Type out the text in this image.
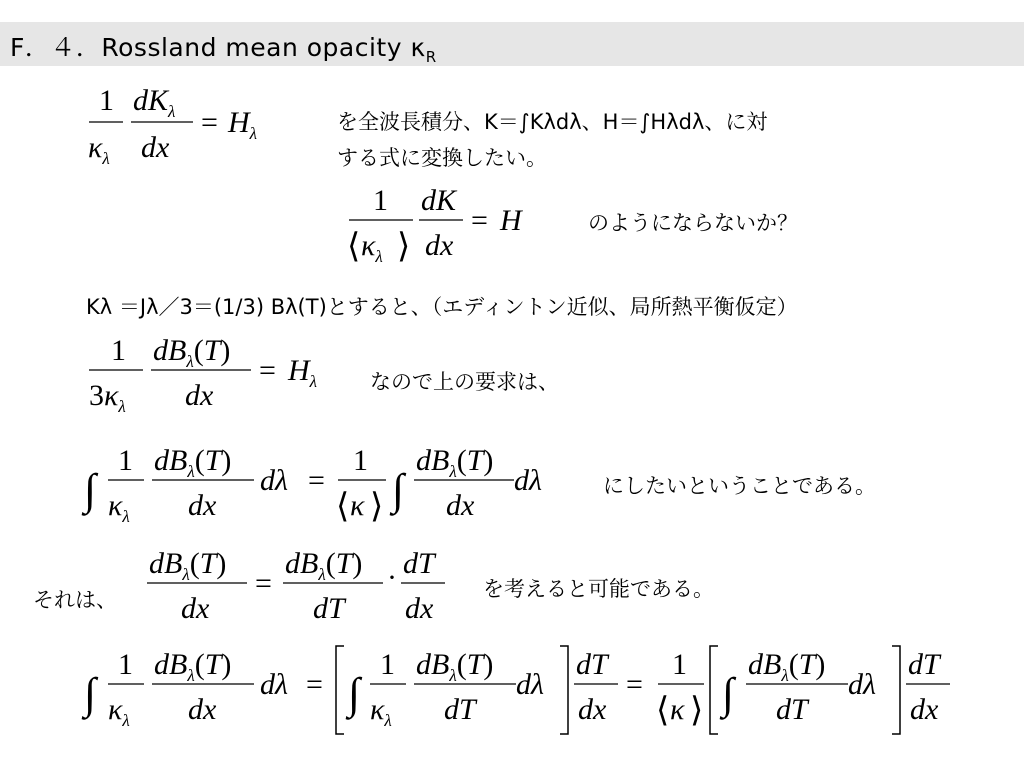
F．４．Rossland mean opacity $\kappa_R$
1
$\kappa_\lambda$
$dK_\lambda$
dx
= $H_\lambda$	を全波長積分、K＝∫Kλdλ、H＝∫Hλdλ、に対
する式に変換したい。
1
⟨ $\kappa_\lambda$ ⟩
dK
dx
= H	のようにならないか？
Kλ ＝Jλ／3＝(1/3) Bλ(T)とすると、（エディントン近似、局所熱平衡仮定）
1
$3\kappa_\lambda$
$dB_\lambda(T)$
dx
= $H_\lambda$	なので上の要求は、
∫
1
$\kappa_\lambda$
$dB_\lambda(T)$
dx
dλ =
1
⟨ κ ⟩ ∫
$dB_\lambda(T)$
dx
dλ	にしたいということである。
それは、
$dB_\lambda(T)$
dx
=
$dB_\lambda(T)$
dT
· dT
dx
を考えると可能である。
∫
1
$\kappa_\lambda$
$dB_\lambda(T)$
dx
dλ = ∫
1
$\kappa_\lambda$
$dB_\lambda(T)$
dT
dλ
dT
dx
=
1
⟨ κ ⟩ ∫
$dB_\lambda(T)$
dT
dλ
dT
dx
